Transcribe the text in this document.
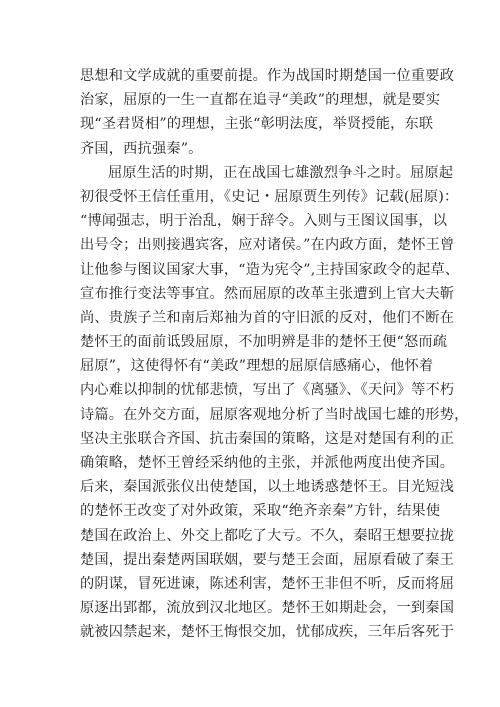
思想和文学成就的重要前提。作为战国时期楚国一位重要政
治家，屈原的一生一直都在追寻“美政”的理想，就是要实
现“圣君贤相”的理想，主张“彰明法度，举贤授能，东联
齐国，西抗强秦”。
屈原生活的时期，正在战国七雄激烈争斗之时。屈原起
初很受怀王信任重用，《史记・屈原贾生列传》记载(屈原)：
“博闻强志，明于治乱，娴于辞令。入则与王图议国事，以
出号令；出则接遇宾客，应对诸侯。”在内政方面，楚怀王曾
让他参与图议国家大事，“造为宪令”,主持国家政令的起草、
宣布推行变法等事宜。然而屈原的改革主张遭到上官大夫靳
尚、贵族子兰和南后郑袖为首的守旧派的反对，他们不断在
楚怀王的面前诋毁屈原，不加明辨是非的楚怀王便“怒而疏
屈原”，这使得怀有“美政”理想的屈原信感痛心，他怀着
内心难以抑制的忧郁悲愤，写出了《离骚》、《天问》等不朽
诗篇。在外交方面，屈原客观地分析了当时战国七雄的形势，
坚决主张联合齐国、抗击秦国的策略，这是对楚国有利的正
确策略，楚怀王曾经采纳他的主张，并派他两度出使齐国。
后来，秦国派张仪出使楚国，以土地诱惑楚怀王。目光短浅
的楚怀王改变了对外政策，采取“绝齐亲秦”方针，结果使
楚国在政治上、外交上都吃了大亏。不久，秦昭王想要拉拢
楚国，提出秦楚两国联姻，要与楚王会面，屈原看破了秦王
的阴谋，冒死进谏，陈述利害，楚怀王非但不听，反而将屈
原逐出郢都，流放到汉北地区。楚怀王如期赴会，一到秦国
就被囚禁起来，楚怀王悔恨交加，忧郁成疾，三年后客死于
